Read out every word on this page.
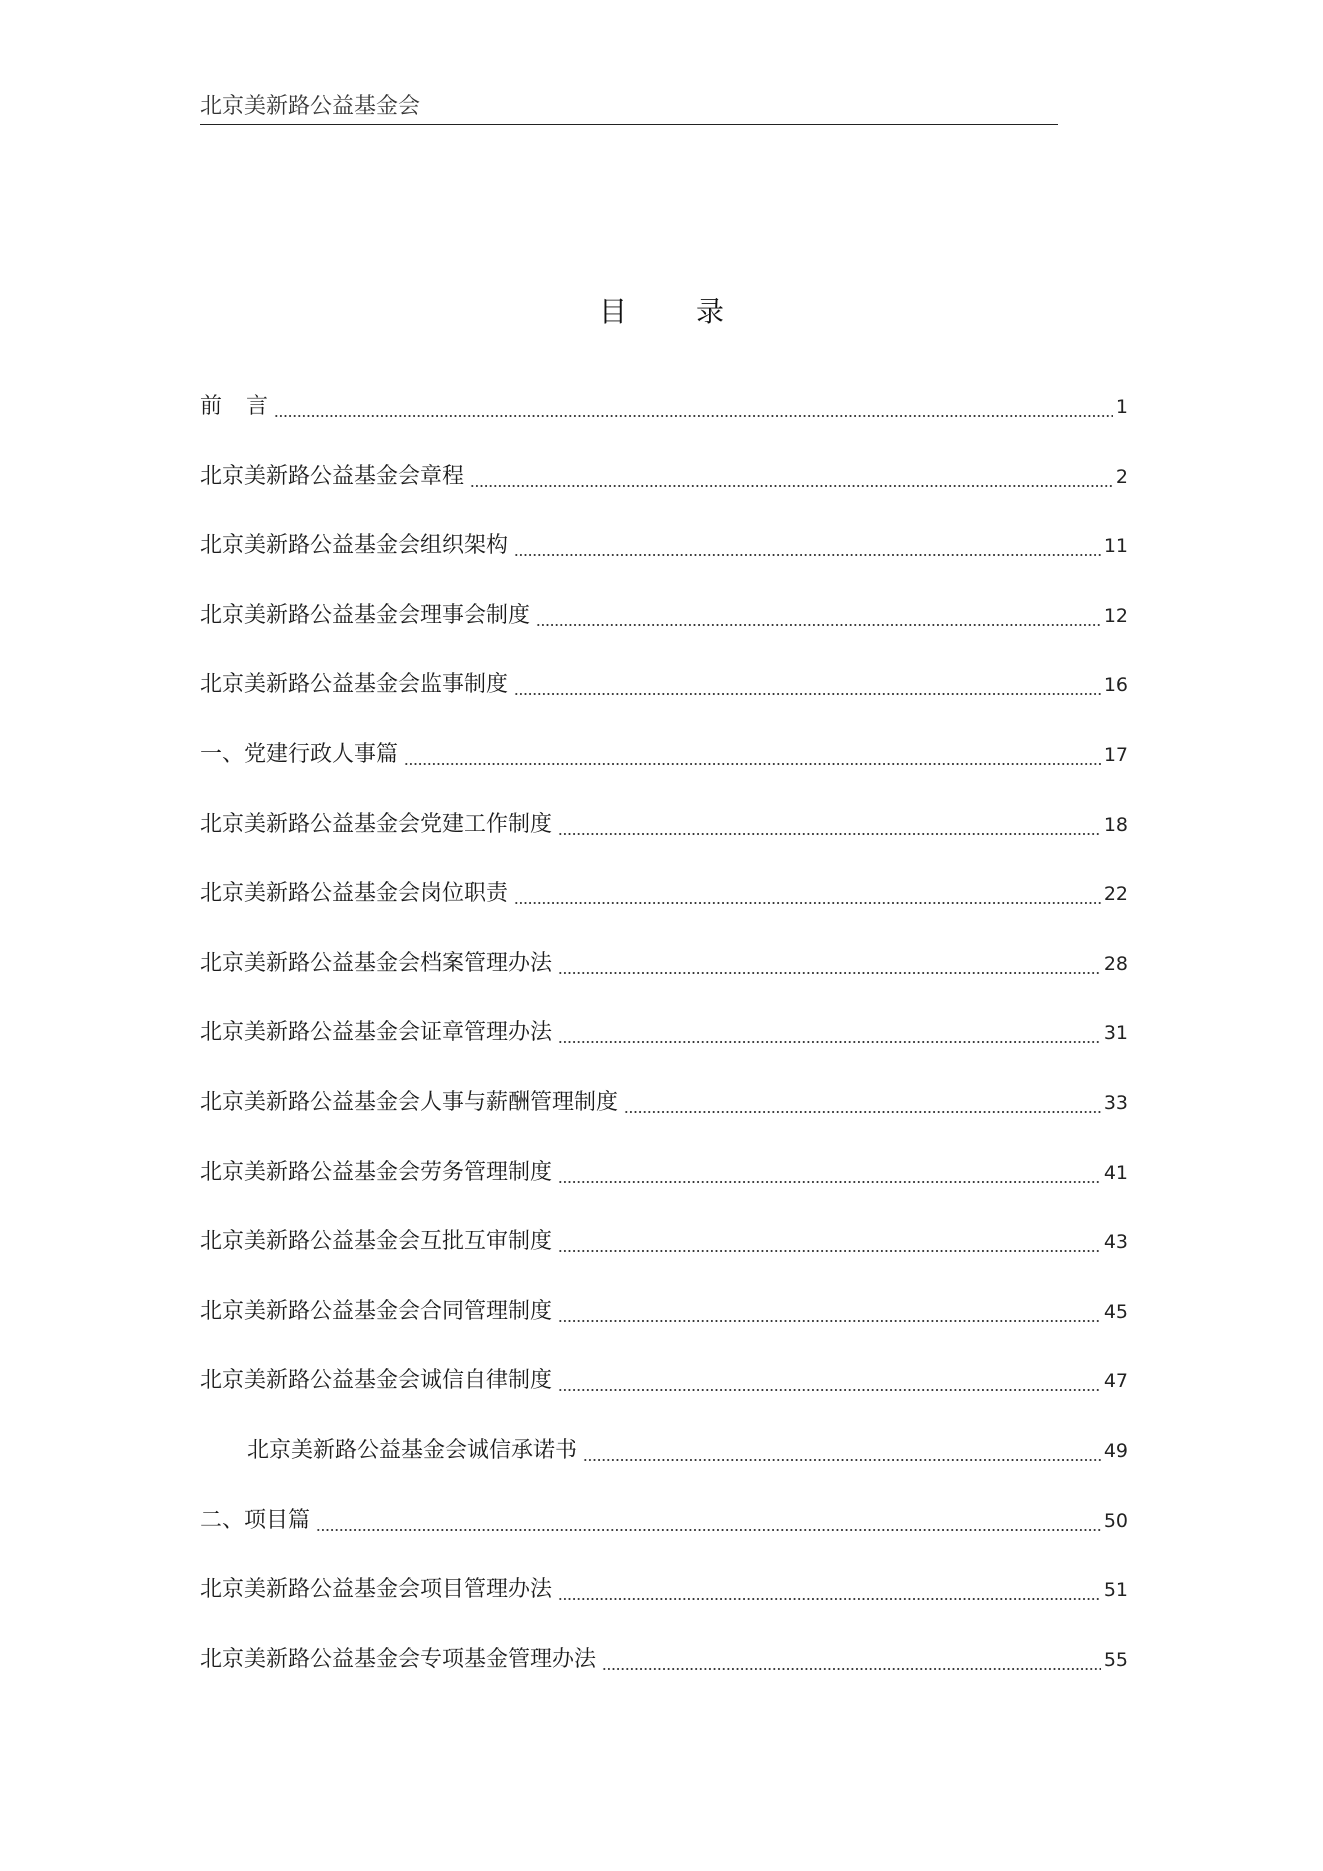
北京美新路公益基金会
目 录
前言	1
北京美新路公益基金会章程	2
北京美新路公益基金会组织架构	11
北京美新路公益基金会理事会制度	12
北京美新路公益基金会监事制度	16
一、党建行政人事篇	17
北京美新路公益基金会党建工作制度	18
北京美新路公益基金会岗位职责	22
北京美新路公益基金会档案管理办法	28
北京美新路公益基金会证章管理办法	31
北京美新路公益基金会人事与薪酬管理制度	33
北京美新路公益基金会劳务管理制度	41
北京美新路公益基金会互批互审制度	43
北京美新路公益基金会合同管理制度	45
北京美新路公益基金会诚信自律制度	47
北京美新路公益基金会诚信承诺书	49
二、项目篇	50
北京美新路公益基金会项目管理办法	51
北京美新路公益基金会专项基金管理办法	55
